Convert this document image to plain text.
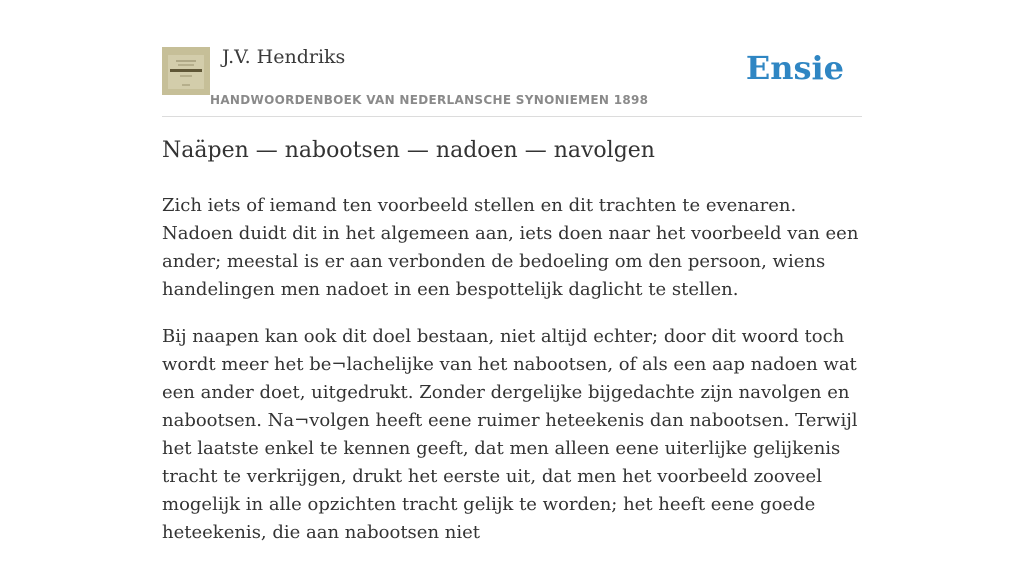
J.V. Hendriks
HANDWOORDENBOEK VAN NEDERLANSCHE SYNONIEMEN 1898
Ensie
Naäpen — nabootsen — nadoen — navolgen

Zich iets of iemand ten voorbeeld stellen en dit trachten te evenaren. Nadoen duidt dit in het algemeen aan, iets doen naar het voorbeeld van een ander; meestal is er aan verbonden de bedoeling om den persoon, wiens handelingen men nadoet in een bespottelijk daglicht te stellen.

Bij naapen kan ook dit doel bestaan, niet altijd echter; door dit woord toch wordt meer het be¬lachelijke van het nabootsen, of als een aap nadoen wat een ander doet, uitgedrukt. Zonder dergelijke bijgedachte zijn navolgen en nabootsen. Na¬volgen heeft eene ruimer heteekenis dan nabootsen. Terwijl het laatste enkel te kennen geeft, dat men alleen eene uiterlijke gelijkenis tracht te verkrijgen, drukt het eerste uit, dat men het voorbeeld zooveel mogelijk in alle opzichten tracht gelijk te worden; het heeft eene goede heteekenis, die aan nabootsen niet
